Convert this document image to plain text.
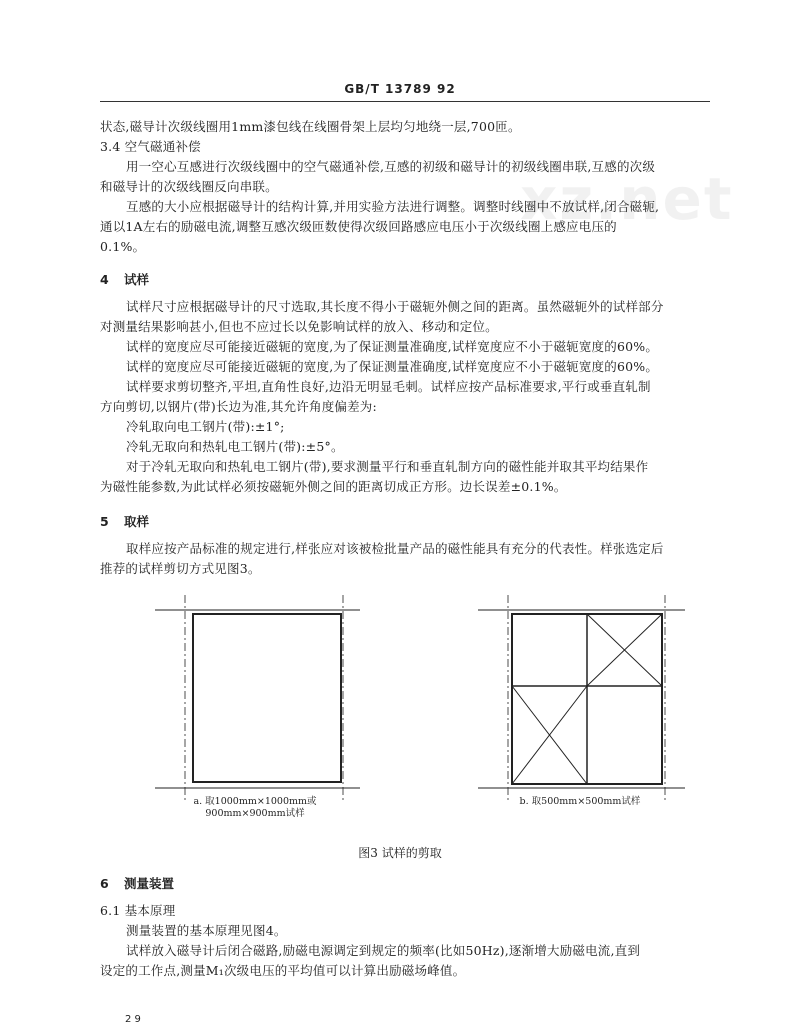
GB/T 13789 92
xz.net
状态,磁导计次级线圈用1mm漆包线在线圈骨架上层均匀地绕一层,700匝。
3.4 空气磁通补偿
用一空心互感进行次级线圈中的空气磁通补偿,互感的初级和磁导计的初级线圈串联,互感的次级
和磁导计的次级线圈反向串联。
互感的大小应根据磁导计的结构计算,并用实验方法进行调整。调整时线圈中不放试样,闭合磁轭,
通以1A左右的励磁电流,调整互感次级匝数使得次级回路感应电压小于次级线圈上感应电压的
0.1%。
4 试样
试样尺寸应根据磁导计的尺寸选取,其长度不得小于磁轭外侧之间的距离。虽然磁轭外的试样部分
对测量结果影响甚小,但也不应过长以免影响试样的放入、移动和定位。
试样的宽度应尽可能接近磁轭的宽度,为了保证测量准确度,试样宽度应不小于磁轭宽度的60%。
试样的宽度应尽可能接近磁轭的宽度,为了保证测量准确度,试样宽度应不小于磁轭宽度的60%。
试样要求剪切整齐,平坦,直角性良好,边沿无明显毛刺。试样应按产品标准要求,平行或垂直轧制
方向剪切,以钢片(带)长边为准,其允许角度偏差为:
冷轧取向电工钢片(带):±1°;
冷轧无取向和热轧电工钢片(带):±5°。
对于冷轧无取向和热轧电工钢片(带),要求测量平行和垂直轧制方向的磁性能并取其平均结果作
为磁性能参数,为此试样必须按磁轭外侧之间的距离切成正方形。边长误差±0.1%。
5 取样
取样应按产品标准的规定进行,样张应对该被检批量产品的磁性能具有充分的代表性。样张选定后
推荐的试样剪切方式见图3。
a. 取1000mm×1000mm或
900mm×900mm试样
b. 取500mm×500mm试样
图3 试样的剪取
6 测量装置
6.1 基本原理
测量装置的基本原理见图4。
试样放入磁导计后闭合磁路,励磁电源调定到规定的频率(比如50Hz),逐渐增大励磁电流,直到
设定的工作点,测量M₁次级电压的平均值可以计算出励磁场峰值。
2 9
